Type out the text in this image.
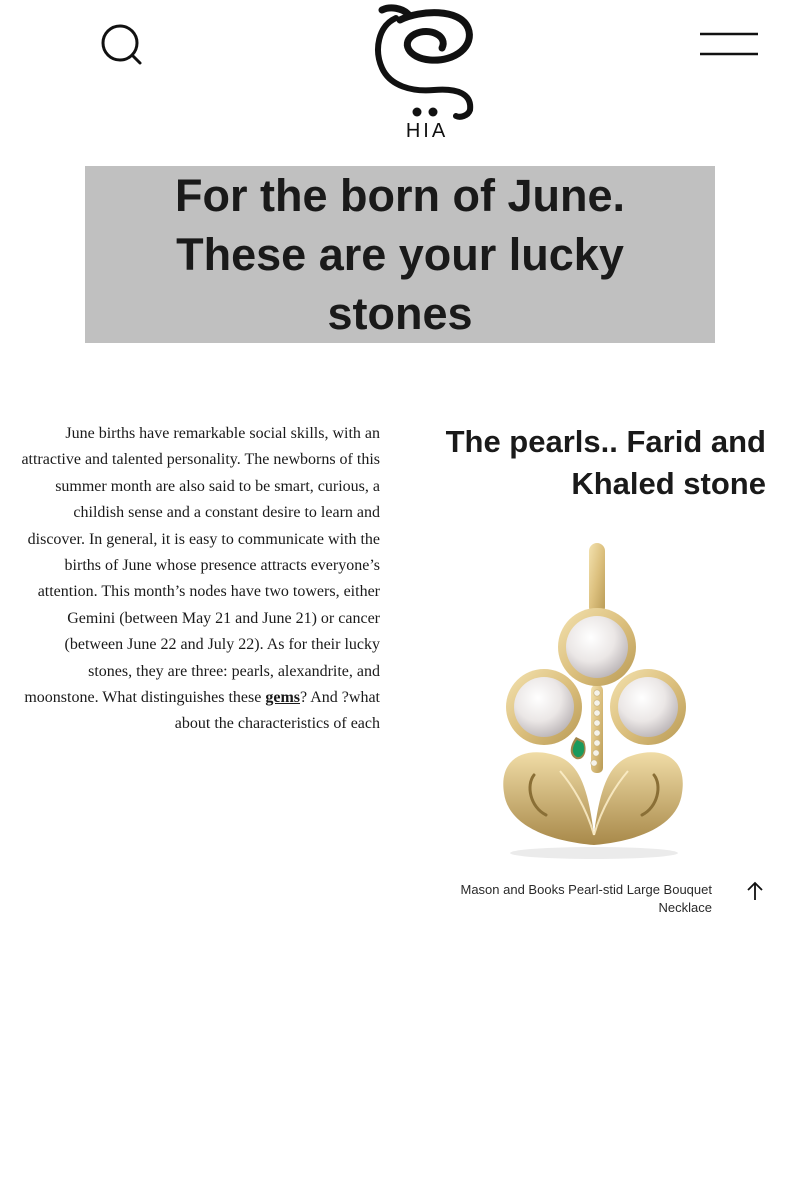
HIA
For the born of June. These are your lucky stones
June births have remarkable social skills, with an attractive and talented personality. The newborns of this summer month are also said to be smart, curious, a childish sense and a constant desire to learn and discover. In general, it is easy to communicate with the births of June whose presence attracts everyone’s attention. This month’s nodes have two towers, either Gemini (between May 21 and June 21) or cancer (between June 22 and July 22). As for their lucky stones, they are three: pearls, alexandrite, and moonstone. What distinguishes these gems? And ?what about the characteristics of each
The pearls.. Farid and Khaled stone
Mason and Books Pearl-stid Large Bouquet Necklace
